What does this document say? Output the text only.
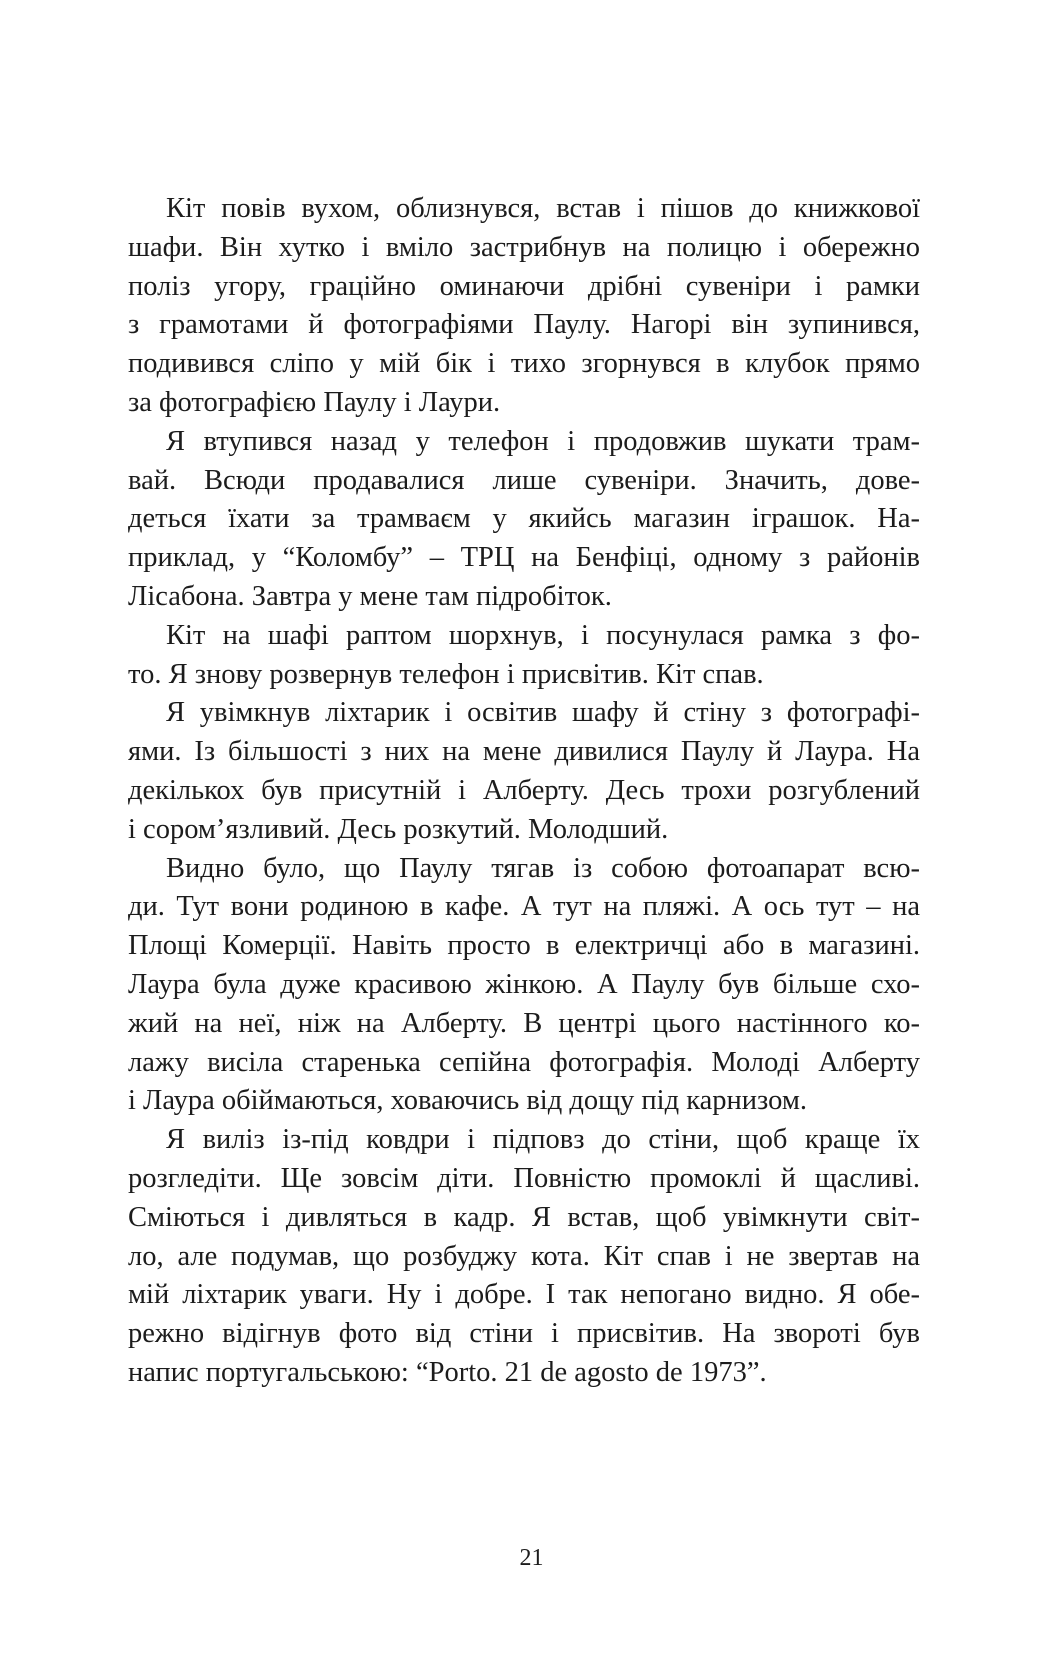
Кіт повів вухом, облизнувся, встав і пішов до книжкової
шафи. Він хутко і вміло застрибнув на полицю і обережно
поліз угору, граційно оминаючи дрібні сувеніри і рамки
з грамотами й фотографіями Паулу. Нагорі він зупинився,
подивився сліпо у мій бік і тихо згорнувся в клубок прямо
за фотографією Паулу і Лаури.
Я втупився назад у телефон і продовжив шукати трам-
вай. Всюди продавалися лише сувеніри. Значить, дове-
деться їхати за трамваєм у якийсь магазин іграшок. На-
приклад, у “Коломбу” – ТРЦ на Бенфіці, одному з районів
Лісабона. Завтра у мене там підробіток.
Кіт на шафі раптом шорхнув, і посунулася рамка з фо-
то. Я знову розвернув телефон і присвітив. Кіт спав.
Я увімкнув ліхтарик і освітив шафу й стіну з фотографі-
ями. Із більшості з них на мене дивилися Паулу й Лаура. На
декількох був присутній і Алберту. Десь трохи розгублений
і сором’язливий. Десь розкутий. Молодший.
Видно було, що Паулу тягав із собою фотоапарат всю-
ди. Тут вони родиною в кафе. А тут на пляжі. А ось тут – на
Площі Комерції. Навіть просто в електричці або в магазині.
Лаура була дуже красивою жінкою. А Паулу був більше схо-
жий на неї, ніж на Алберту. В центрі цього настінного ко-
лажу висіла старенька сепійна фотографія. Молоді Алберту
і Лаура обіймаються, ховаючись від дощу під карнизом.
Я виліз із-під ковдри і підповз до стіни, щоб краще їх
розгледіти. Ще зовсім діти. Повністю промоклі й щасливі.
Сміються і дивляться в кадр. Я встав, щоб увімкнути світ-
ло, але подумав, що розбуджу кота. Кіт спав і не звертав на
мій ліхтарик уваги. Ну і добре. І так непогано видно. Я обе-
режно відігнув фото від стіни і присвітив. На звороті був
напис португальською: “Porto. 21 de agosto de 1973”.
21
